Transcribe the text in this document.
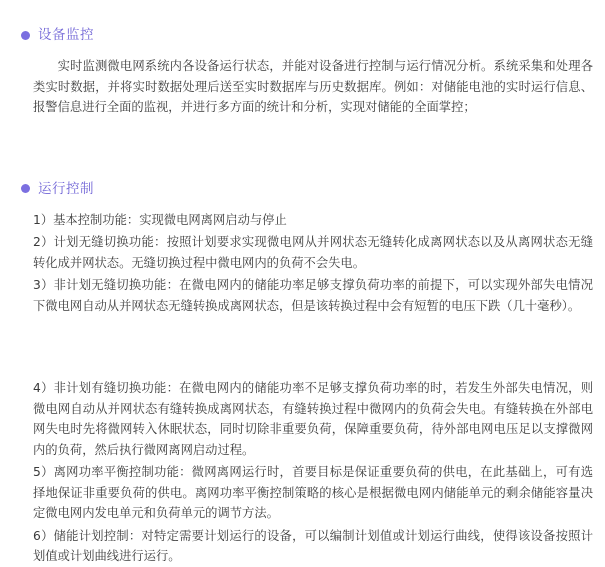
设备监控

实时监测微电网系统内各设备运行状态，并能对设备进行控制与运行情况分析。系统采集和处理各类实时数据，并将实时数据处理后送至实时数据库与历史数据库。例如：对储能电池的实时运行信息、报警信息进行全面的监视，并进行多方面的统计和分析，实现对储能的全面掌控；

运行控制

1）基本控制功能：实现微电网离网启动与停止

2）计划无缝切换功能：按照计划要求实现微电网从并网状态无缝转化成离网状态以及从离网状态无缝转化成并网状态。无缝切换过程中微电网内的负荷不会失电。

3）非计划无缝切换功能：在微电网内的储能功率足够支撑负荷功率的前提下，可以实现外部失电情况下微电网自动从并网状态无缝转换成离网状态，但是该转换过程中会有短暂的电压下跌（几十毫秒）。

4）非计划有缝切换功能：在微电网内的储能功率不足够支撑负荷功率的时，若发生外部失电情况，则微电网自动从并网状态有缝转换成离网状态，有缝转换过程中微网内的负荷会失电。有缝转换在外部电网失电时先将微网转入休眠状态，同时切除非重要负荷，保障重要负荷，待外部电网电压足以支撑微网内的负荷，然后执行微网离网启动过程。

5）离网功率平衡控制功能：微网离网运行时，首要目标是保证重要负荷的供电，在此基础上，可有选择地保证非重要负荷的供电。离网功率平衡控制策略的核心是根据微电网内储能单元的剩余储能容量决定微电网内发电单元和负荷单元的调节方法。

6）储能计划控制：对特定需要计划运行的设备，可以编制计划值或计划运行曲线，使得该设备按照计划值或计划曲线进行运行。
